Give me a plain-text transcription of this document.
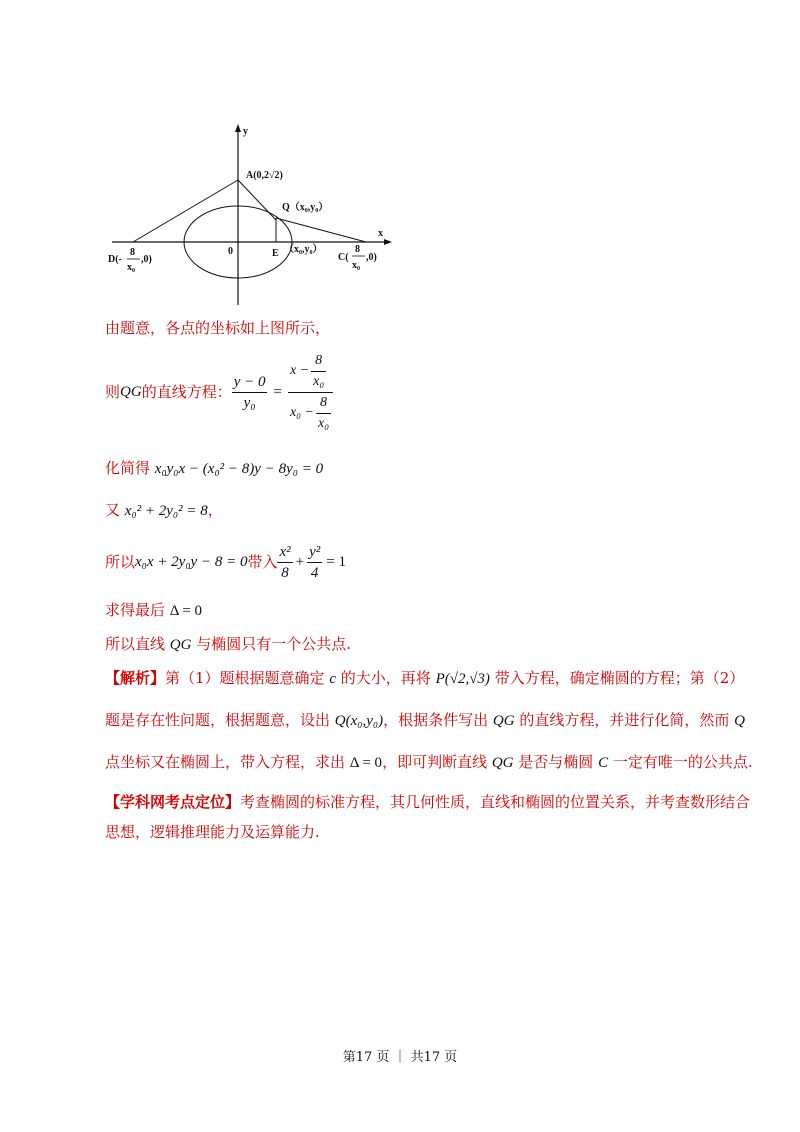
y
x
A(0,2√2)
Q（x₀,y₀）
0	E （x₀,y₀）
8
D(-
x₀
,0)
8
C(
x₀
,0)
由题意，各点的坐标如上图所示，
则 QG 的直线方程： $\frac{y - 0}{\text{y₀}} = \frac{x - \frac{8}{\text{x₀}}}{x_0 - \frac{8}{\text{x₀}}}$
化简得 x₀y₀x − (x₀² − 8)y − 8y₀ = 0
又 x₀² + 2y₀² = 8，
所以 x₀x + 2y₀y − 8 = 0 带入 $\frac{\text{x²}}{8} + \frac{\text{y²}}{4} = 1$
求得最后 Δ = 0
所以直线 QG 与椭圆只有一个公共点.
【解析】第（1）题根据题意确定 c 的大小，再将 P(√2,√3) 带入方程，确定椭圆的方程；第（2）
题是存在性问题，根据题意，设出 Q(x₀,y₀)，根据条件写出 QG 的直线方程，并进行化简，然而 Q
点坐标又在椭圆上，带入方程，求出 Δ = 0，即可判断直线 QG 是否与椭圆 C 一定有唯一的公共点.
【学科网考点定位】考查椭圆的标准方程，其几何性质，直线和椭圆的位置关系，并考查数形结合
思想，逻辑推理能力及运算能力.
第17 页 ｜ 共17 页
